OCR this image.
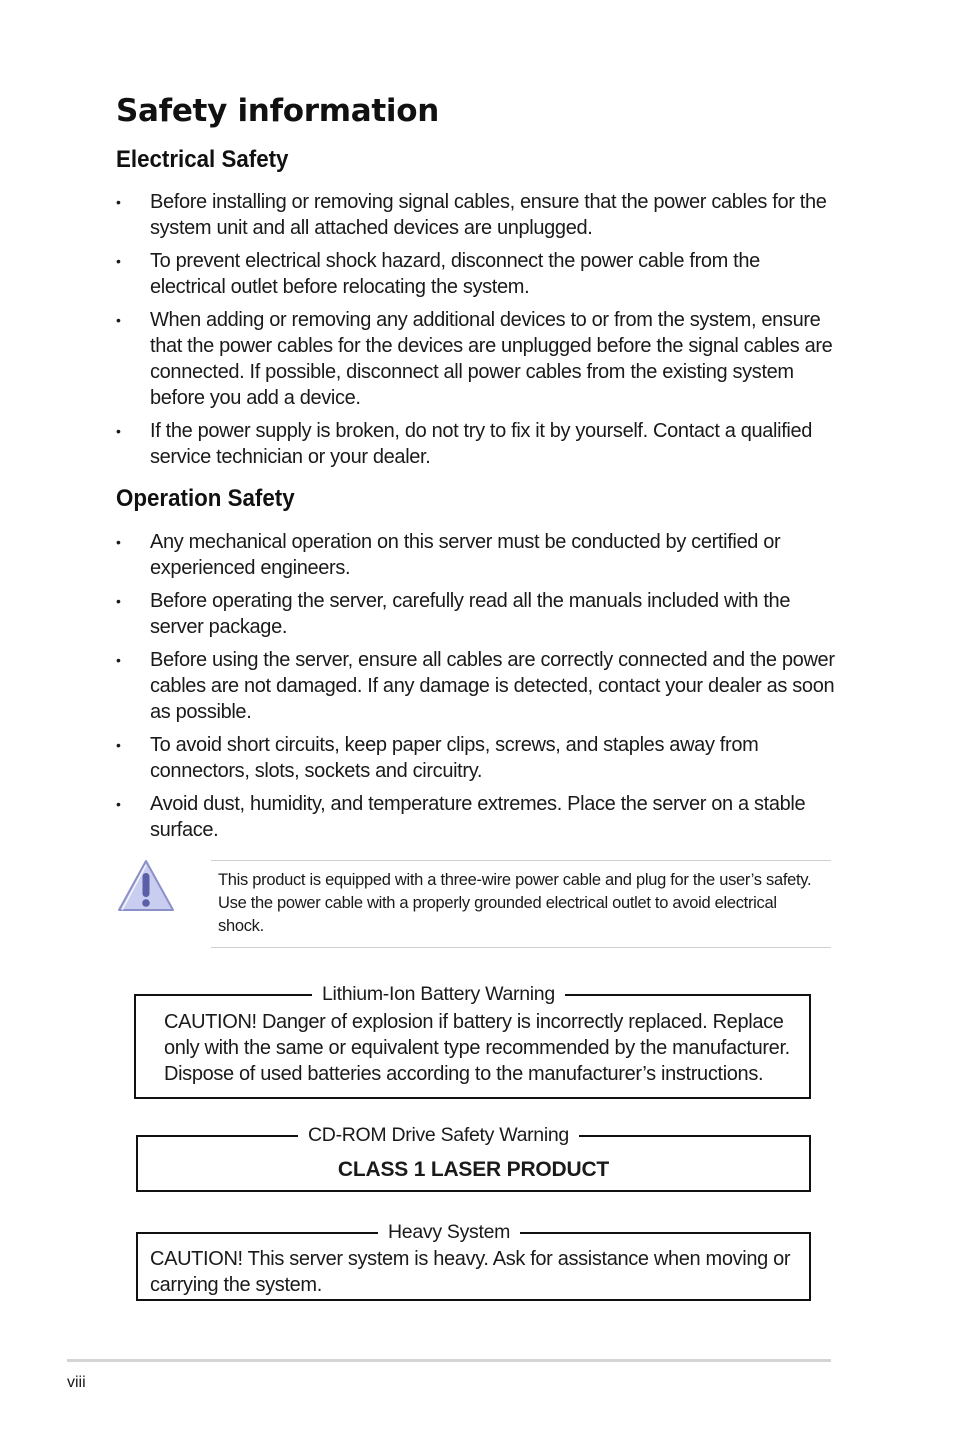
Safety information
Electrical Safety
• Before installing or removing signal cables, ensure that the power cables for the system unit and all attached devices are unplugged.
• To prevent electrical shock hazard, disconnect the power cable from the electrical outlet before relocating the system.
• When adding or removing any additional devices to or from the system, ensure that the power cables for the devices are unplugged before the signal cables are connected. If possible, disconnect all power cables from the existing system before you add a device.
• If the power supply is broken, do not try to fix it by yourself. Contact a qualified service technician or your dealer.
Operation Safety
• Any mechanical operation on this server must be conducted by certified or experienced engineers.
• Before operating the server, carefully read all the manuals included with the server package.
• Before using the server, ensure all cables are correctly connected and the power cables are not damaged. If any damage is detected, contact your dealer as soon as possible.
• To avoid short circuits, keep paper clips, screws, and staples away from connectors, slots, sockets and circuitry.
• Avoid dust, humidity, and temperature extremes. Place the server on a stable surface.

This product is equipped with a three-wire power cable and plug for the user’s safety. Use the power cable with a properly grounded electrical outlet to avoid electrical shock.

Lithium-Ion Battery Warning

CAUTION! Danger of explosion if battery is incorrectly replaced. Replace only with the same or equivalent type recommended by the manufacturer. Dispose of used batteries according to the manufacturer’s instructions.

CD-ROM Drive Safety Warning

CLASS 1 LASER PRODUCT

Heavy System

CAUTION! This server system is heavy. Ask for assistance when moving or carrying the system.

viii
